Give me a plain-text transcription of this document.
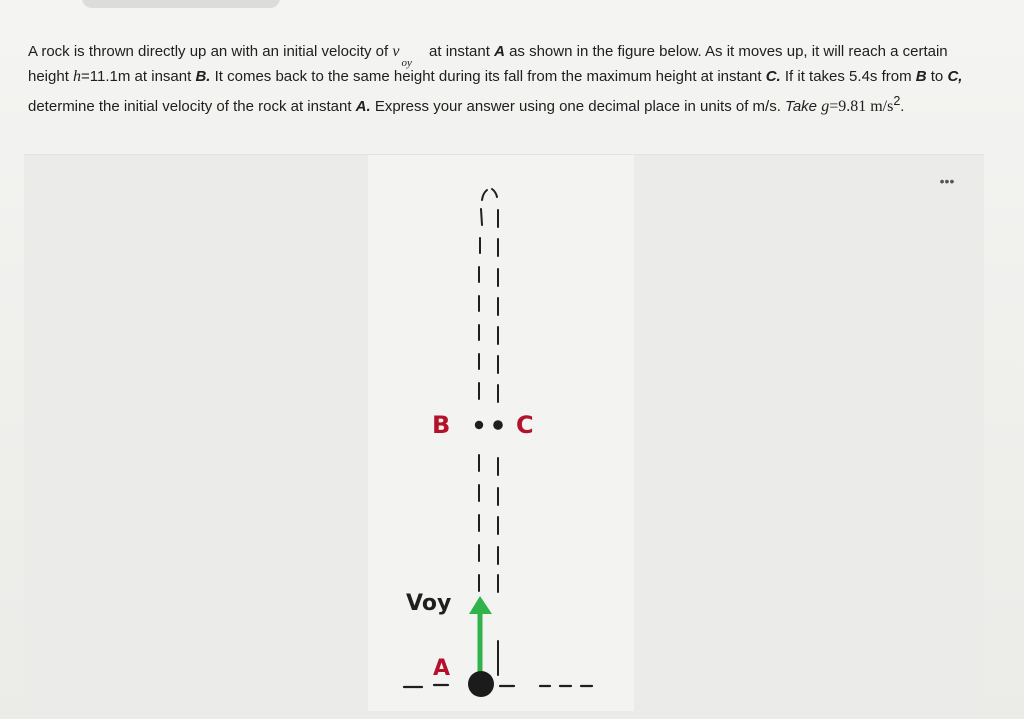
A rock is thrown directly up an with an initial velocity of voy at instant A as shown in the figure below. As it moves up, it will reach a certain height h=11.1m at insant B. It comes back to the same height during its fall from the maximum height at instant C. If it takes 5.4s from B to C, determine the initial velocity of the rock at instant A. Express your answer using one decimal place in units of m/s. Take g=9.81 $m/s^2$.

•••
B	C
Voy
A
